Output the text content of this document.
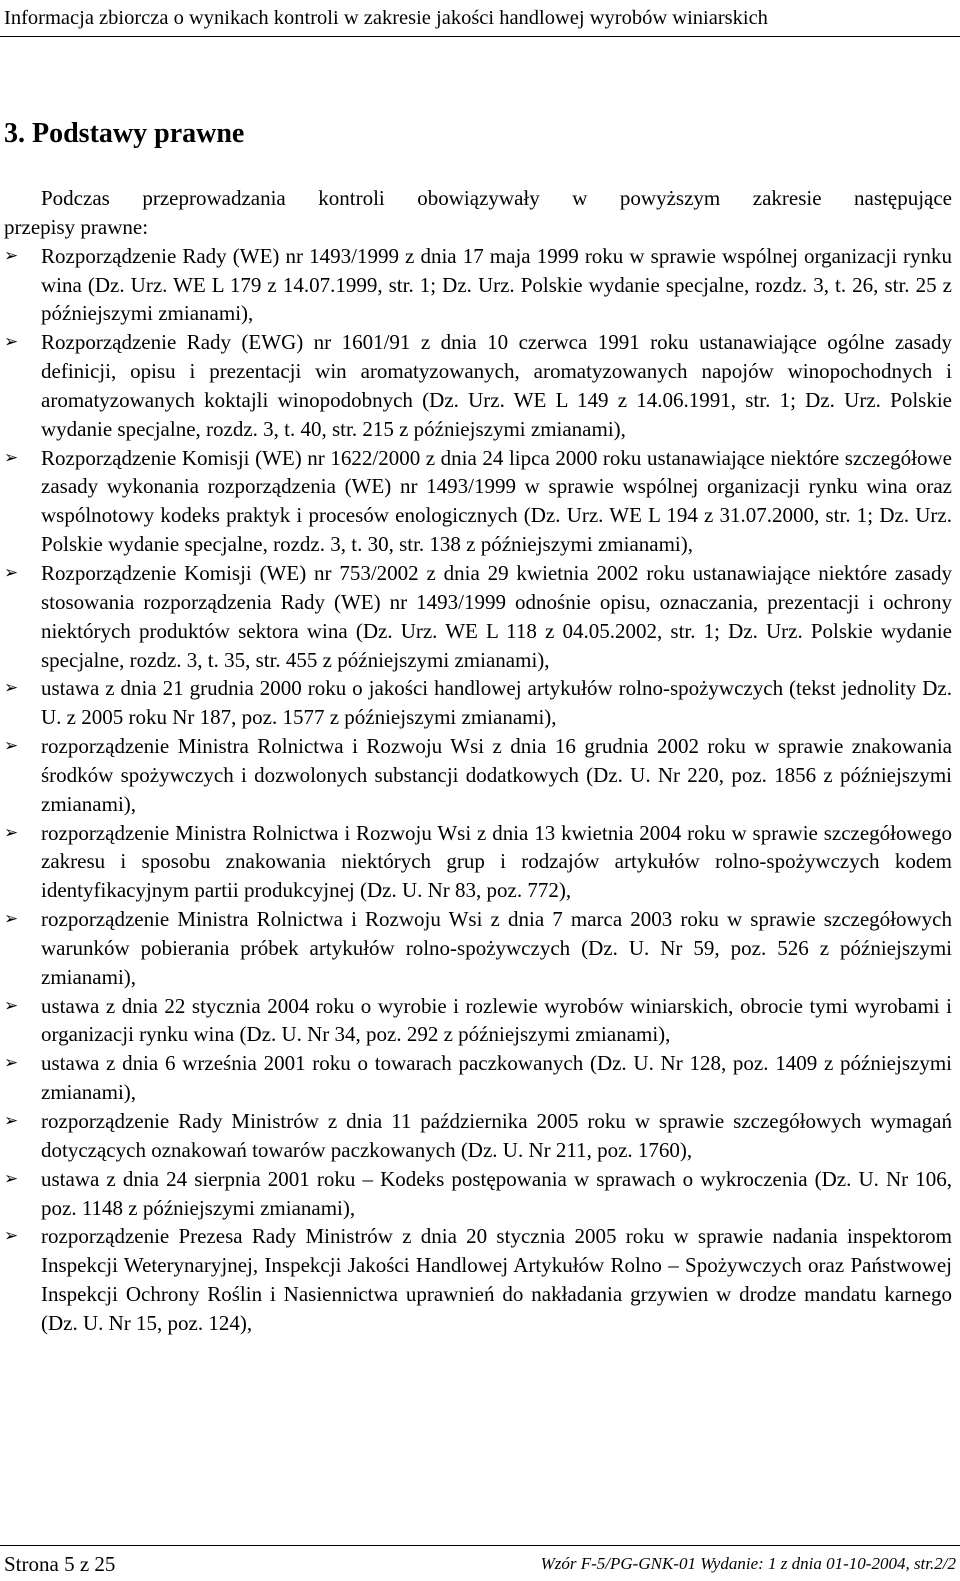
Informacja zbiorcza o wynikach kontroli w zakresie jakości handlowej wyrobów winiarskich
3. Podstawy prawne

Podczas przeprowadzania kontroli obowiązywały w powyższym zakresie następujące
przepisy prawne:

➢	Rozporządzenie Rady (WE) nr 1493/1999 z dnia 17 maja 1999 roku w sprawie wspólnej organizacji rynku wina (Dz. Urz. WE L 179 z 14.07.1999, str. 1; Dz. Urz. Polskie wydanie specjalne, rozdz. 3, t. 26, str. 25 z późniejszymi zmianami),
➢	Rozporządzenie Rady (EWG) nr 1601/91 z dnia 10 czerwca 1991 roku ustanawiające ogólne zasady definicji, opisu i prezentacji win aromatyzowanych, aromatyzowanych napojów winopochodnych i aromatyzowanych koktajli winopodobnych (Dz. Urz. WE L 149 z 14.06.1991, str. 1; Dz. Urz. Polskie wydanie specjalne, rozdz. 3, t. 40, str. 215 z późniejszymi zmianami),
➢	Rozporządzenie Komisji (WE) nr 1622/2000 z dnia 24 lipca 2000 roku ustanawiające niektóre szczegółowe zasady wykonania rozporządzenia (WE) nr 1493/1999 w sprawie wspólnej organizacji rynku wina oraz wspólnotowy kodeks praktyk i procesów enologicznych (Dz. Urz. WE L 194 z 31.07.2000, str. 1; Dz. Urz. Polskie wydanie specjalne, rozdz. 3, t. 30, str. 138 z późniejszymi zmianami),
➢	Rozporządzenie Komisji (WE) nr 753/2002 z dnia 29 kwietnia 2002 roku ustanawiające niektóre zasady stosowania rozporządzenia Rady (WE) nr 1493/1999 odnośnie opisu, oznaczania, prezentacji i ochrony niektórych produktów sektora wina (Dz. Urz. WE L 118 z 04.05.2002, str. 1; Dz. Urz. Polskie wydanie specjalne, rozdz. 3, t. 35, str. 455 z późniejszymi zmianami),
➢	ustawa z dnia 21 grudnia 2000 roku o jakości handlowej artykułów rolno-spożywczych (tekst jednolity Dz. U. z 2005 roku Nr 187, poz. 1577 z późniejszymi zmianami),
➢	rozporządzenie Ministra Rolnictwa i Rozwoju Wsi z dnia 16 grudnia 2002 roku w sprawie znakowania środków spożywczych i dozwolonych substancji dodatkowych (Dz. U. Nr 220, poz. 1856 z późniejszymi zmianami),
➢	rozporządzenie Ministra Rolnictwa i Rozwoju Wsi z dnia 13 kwietnia 2004 roku w sprawie szczegółowego zakresu i sposobu znakowania niektórych grup i rodzajów artykułów rolno-spożywczych kodem identyfikacyjnym partii produkcyjnej (Dz. U. Nr 83, poz. 772),
➢	rozporządzenie Ministra Rolnictwa i Rozwoju Wsi z dnia 7 marca 2003 roku w sprawie szczegółowych warunków pobierania próbek artykułów rolno-spożywczych (Dz. U. Nr 59, poz. 526 z późniejszymi zmianami),
➢	ustawa z dnia 22 stycznia 2004 roku o wyrobie i rozlewie wyrobów winiarskich, obrocie tymi wyrobami i organizacji rynku wina (Dz. U. Nr 34, poz. 292 z późniejszymi zmianami),
➢	ustawa z dnia 6 września 2001 roku o towarach paczkowanych (Dz. U. Nr 128, poz. 1409 z późniejszymi zmianami),
➢	rozporządzenie Rady Ministrów z dnia 11 października 2005 roku w sprawie szczegółowych wymagań dotyczących oznakowań towarów paczkowanych (Dz. U. Nr 211, poz. 1760),
➢	ustawa z dnia 24 sierpnia 2001 roku – Kodeks postępowania w sprawach o wykroczenia (Dz. U. Nr 106, poz. 1148 z późniejszymi zmianami),
➢	rozporządzenie Prezesa Rady Ministrów z dnia 20 stycznia 2005 roku w sprawie nadania inspektorom Inspekcji Weterynaryjnej, Inspekcji Jakości Handlowej Artykułów Rolno – Spożywczych oraz Państwowej Inspekcji Ochrony Roślin i Nasiennictwa uprawnień do nakładania grzywien w drodze mandatu karnego (Dz. U. Nr 15, poz. 124),
Strona 5 z 25	Wzór F-5/PG-GNK-01 Wydanie: 1 z dnia 01-10-2004, str.2/2
